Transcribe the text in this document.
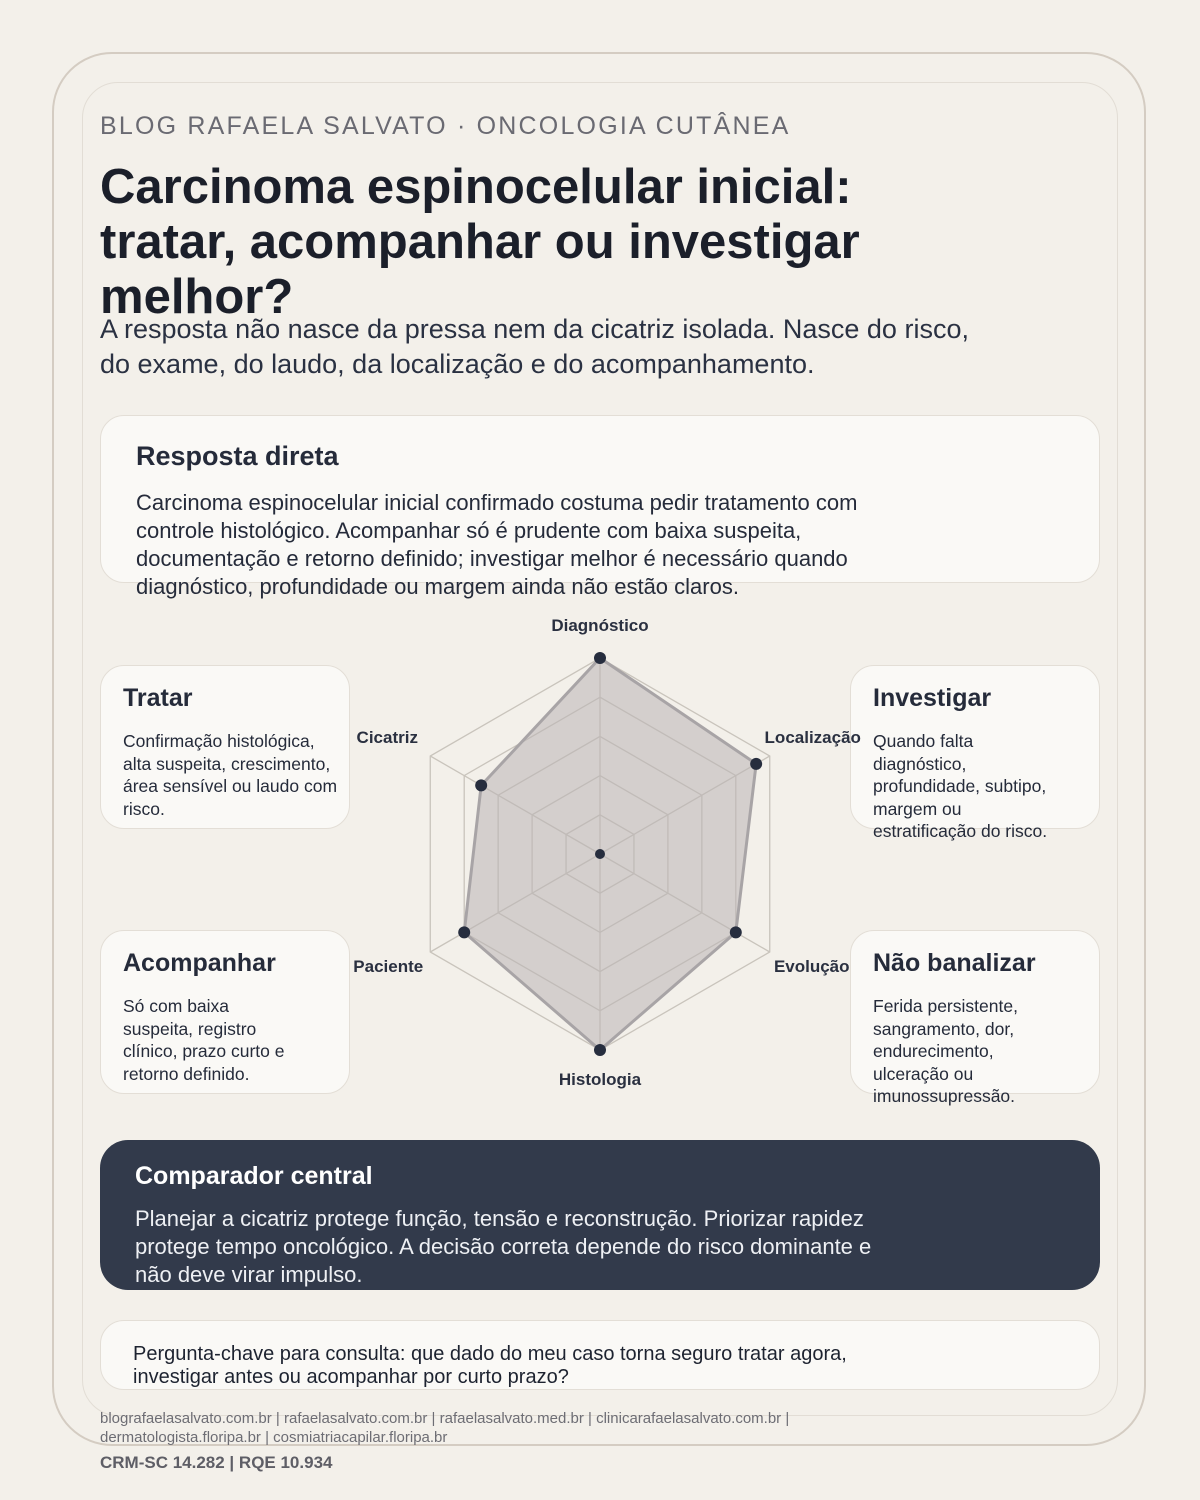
BLOG RAFAELA SALVATO · ONCOLOGIA CUTÂNEA
Carcinoma espinocelular inicial: tratar, acompanhar ou investigar melhor?

A resposta não nasce da pressa nem da cicatriz isolada. Nasce do risco, do exame, do laudo, da localização e do acompanhamento.

Resposta direta
Carcinoma espinocelular inicial confirmado costuma pedir tratamento com controle histológico. Acompanhar só é prudente com baixa suspeita, documentação e retorno definido; investigar melhor é necessário quando diagnóstico, profundidade ou margem ainda não estão claros.
Tratar
Confirmação histológica, alta suspeita, crescimento, área sensível ou laudo com risco.
Investigar
Quando falta diagnóstico, profundidade, subtipo, margem ou estratificação do risco.
Acompanhar
Só com baixa suspeita, registro clínico, prazo curto e retorno definido.
Não banalizar
Ferida persistente, sangramento, dor, endurecimento, ulceração ou imunossupressão.
Diagnóstico
Localização
Evolução
Histologia
Paciente
Cicatriz
Comparador central
Planejar a cicatriz protege função, tensão e reconstrução. Priorizar rapidez protege tempo oncológico. A decisão correta depende do risco dominante e não deve virar impulso.
Pergunta-chave para consulta: que dado do meu caso torna seguro tratar agora, investigar antes ou acompanhar por curto prazo?
blografaelasalvato.com.br | rafaelasalvato.com.br | rafaelasalvato.med.br | clinicarafaelasalvato.com.br | dermatologista.floripa.br | cosmiatriacapilar.floripa.br
CRM-SC 14.282 | RQE 10.934
